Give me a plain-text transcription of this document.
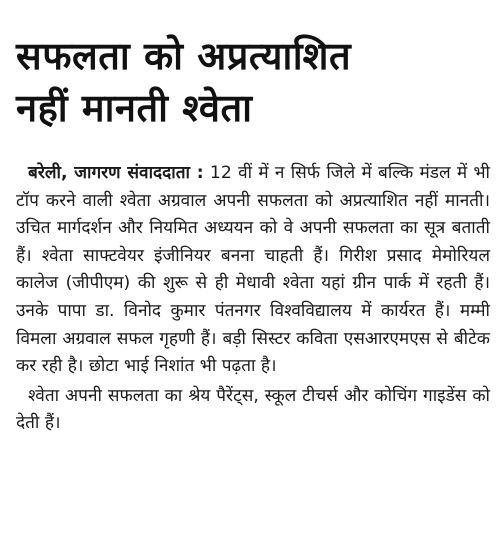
सफलता को अप्रत्याशित
नहीं मानती श्वेता

बरेली, जागरण संवाददाता : 12 वीं में न सिर्फ जिले में बल्कि मंडल में भी टॉप करने वाली श्वेता अग्रवाल अपनी सफलता को अप्रत्याशित नहीं मानती। उचित मार्गदर्शन और नियमित अध्ययन को वे अपनी सफलता का सूत्र बताती हैं। श्वेता साफ्टवेयर इंजीनियर बनना चाहती हैं। गिरीश प्रसाद मेमोरियल कालेज (जीपीएम) की शुरू से ही मेधावी श्वेता यहां ग्रीन पार्क में रहती हैं। उनके पापा डा. विनोद कुमार पंतनगर विश्वविद्यालय में कार्यरत हैं। मम्मी विमला अग्रवाल सफल गृहणी हैं। बड़ी सिस्टर कविता एसआरएमएस से बीटेक कर रही है। छोटा भाई निशांत भी पढ़ता है।

श्वेता अपनी सफलता का श्रेय पैरेंट्स, स्कूल टीचर्स और कोचिंग गाइडेंस को देती हैं।
